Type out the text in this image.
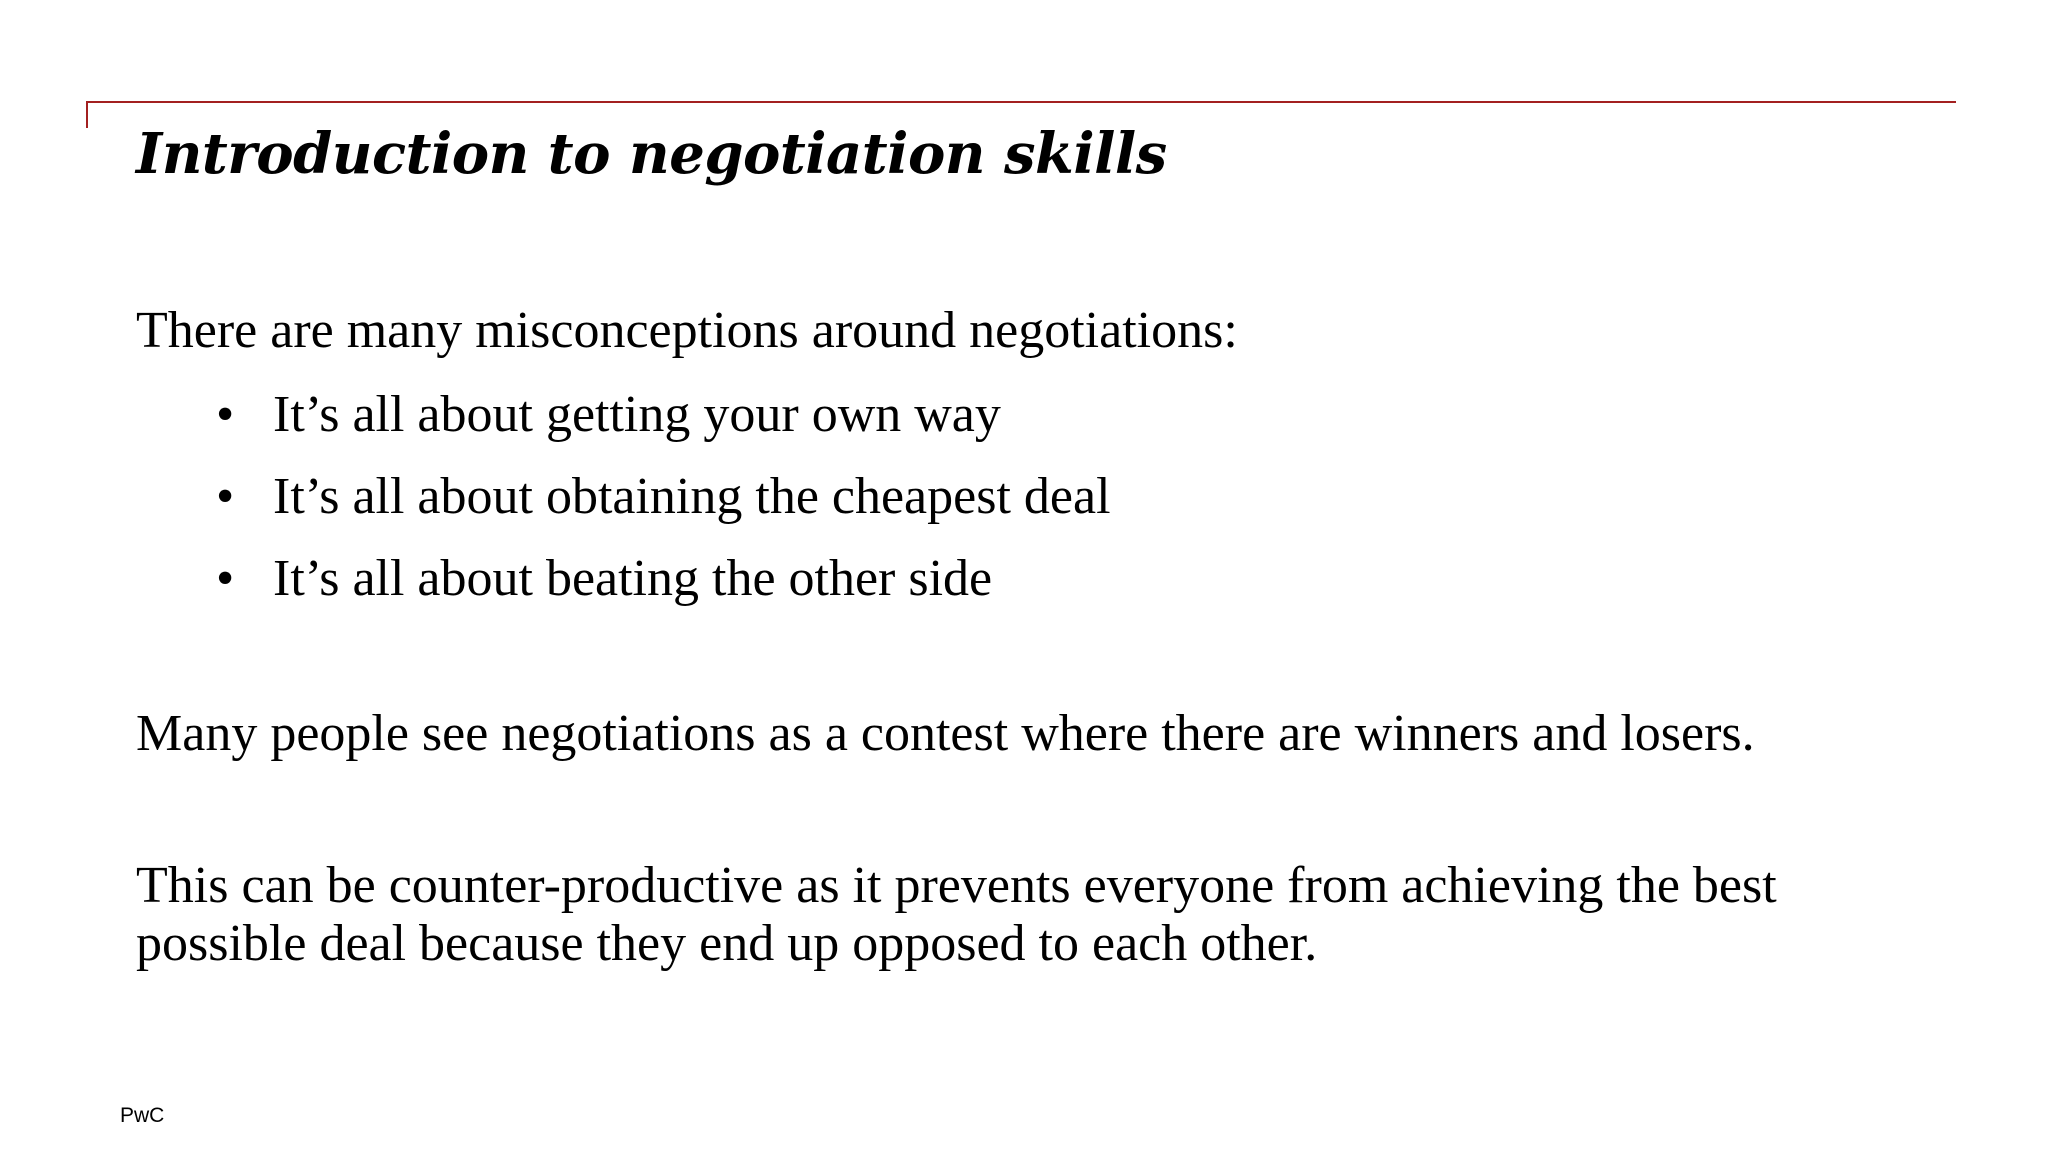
Introduction to negotiation skills

There are many misconceptions around negotiations:

• It’s all about getting your own way
• It’s all about obtaining the cheapest deal
• It’s all about beating the other side

Many people see negotiations as a contest where there are winners and losers.

This can be counter-productive as it prevents everyone from achieving the best
possible deal because they end up opposed to each other.

PwC
